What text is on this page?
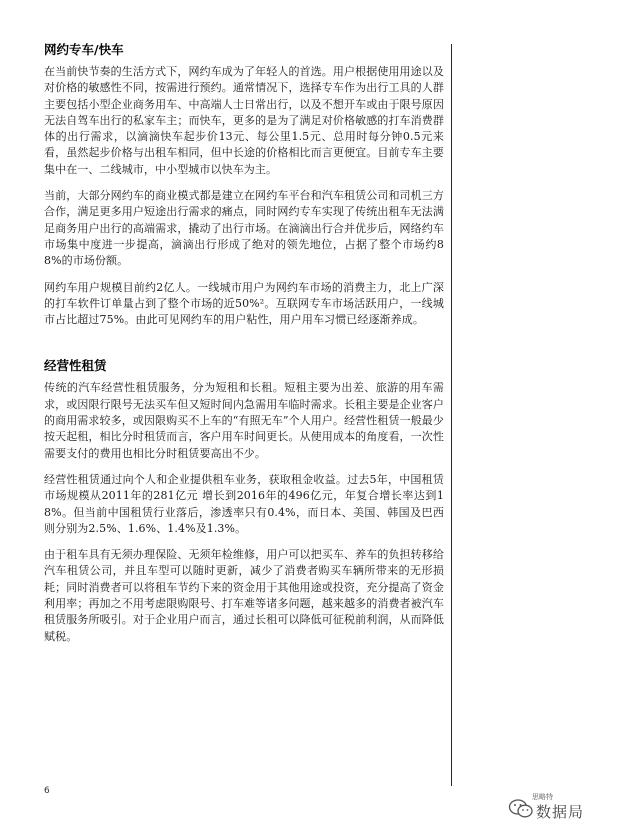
网约专车/快车

在当前快节奏的生活方式下，网约车成为了年轻人的首选。用户根据使用用途以及对价格的敏感性不同，按需进行预约。通常情况下，选择专车作为出行工具的人群主要包括小型企业商务用车、中高端人士日常出行，以及不想开车或由于限号原因无法自驾车出行的私家车主；而快车，更多的是为了满足对价格敏感的打车消费群体的出行需求，以滴滴快车起步价13元、每公里1.5元、总用时每分钟0.5元来看，虽然起步价格与出租车相同，但中长途的价格相比而言更便宜。目前专车主要集中在一、二线城市，中小型城市以快车为主。

当前，大部分网约车的商业模式都是建立在网约车平台和汽车租赁公司和司机三方合作，满足更多用户短途出行需求的痛点，同时网约专车实现了传统出租车无法满足商务用户出行的高端需求，撬动了出行市场。在滴滴出行合并优步后，网络约车市场集中度进一步提高，滴滴出行形成了绝对的领先地位，占据了整个市场约88%的市场份额。

网约车用户规模目前约2亿人。一线城市用户为网约车市场的消费主力，北上广深的打车软件订单量占到了整个市场的近50%²。互联网专车市场活跃用户，一线城市占比超过75%。由此可见网约车的用户粘性，用户用车习惯已经逐渐养成。

经营性租赁

传统的汽车经营性租赁服务，分为短租和长租。短租主要为出差、旅游的用车需求，或因限行限号无法买车但又短时间内急需用车临时需求。长租主要是企业客户的商用需求较多，或因限购买不上车的“有照无车”个人用户。经营性租赁一般最少按天起租，相比分时租赁而言，客户用车时间更长。从使用成本的角度看，一次性需要支付的费用也相比分时租赁要高出不少。

经营性租赁通过向个人和企业提供租车业务，获取租金收益。过去5年，中国租赁市场规模从2011年的281亿元 增长到2016年的496亿元，年复合增长率达到18%。但当前中国租赁行业落后，渗透率只有0.4%，而日本、美国、韩国及巴西则分别为2.5%、1.6%、1.4%及1.3%。

由于租车具有无须办理保险、无须年检维修，用户可以把买车、养车的负担转移给汽车租赁公司，并且车型可以随时更新，减少了消费者购买车辆所带来的无形损耗；同时消费者可以将租车节约下来的资金用于其他用途或投资，充分提高了资金利用率；再加之不用考虑限购限号、打车难等诸多问题，越来越多的消费者被汽车租赁服务所吸引。对于企业用户而言，通过长租可以降低可征税前利润，从而降低赋税。

6
思略特
数据局
